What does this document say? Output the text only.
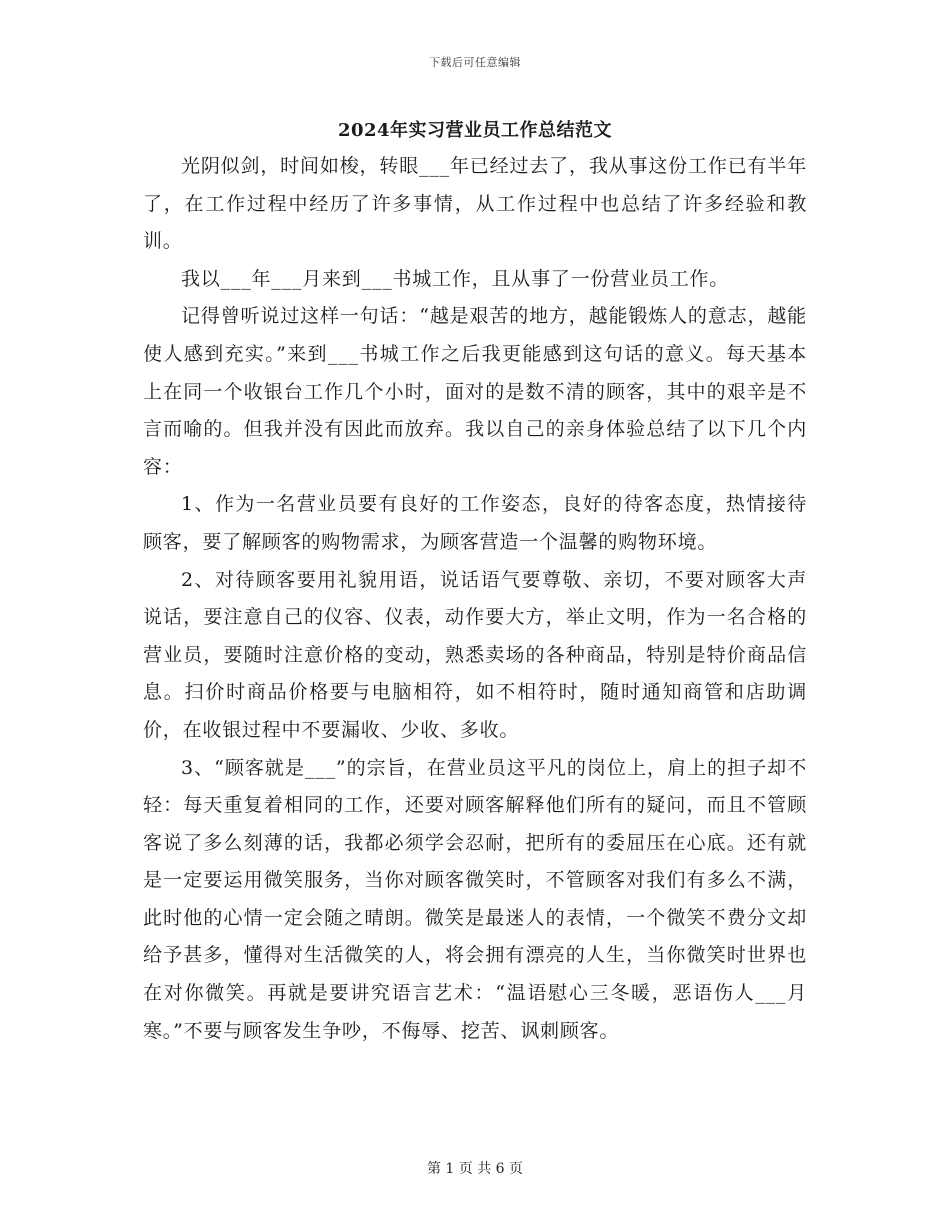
下载后可任意编辑
2024年实习营业员工作总结范文

光阴似剑，时间如梭，转眼___年已经过去了，我从事这份工作已有半年了，在工作过程中经历了许多事情，从工作过程中也总结了许多经验和教训。

我以___年___月来到___书城工作，且从事了一份营业员工作。

记得曾听说过这样一句话：“越是艰苦的地方，越能锻炼人的意志，越能使人感到充实。”来到___书城工作之后我更能感到这句话的意义。每天基本上在同一个收银台工作几个小时，面对的是数不清的顾客，其中的艰辛是不言而喻的。但我并没有因此而放弃。我以自己的亲身体验总结了以下几个内容：

1、作为一名营业员要有良好的工作姿态，良好的待客态度，热情接待顾客，要了解顾客的购物需求，为顾客营造一个温馨的购物环境。

2、对待顾客要用礼貌用语，说话语气要尊敬、亲切，不要对顾客大声说话，要注意自己的仪容、仪表，动作要大方，举止文明，作为一名合格的营业员，要随时注意价格的变动，熟悉卖场的各种商品，特别是特价商品信息。扫价时商品价格要与电脑相符，如不相符时，随时通知商管和店助调价，在收银过程中不要漏收、少收、多收。

3、“顾客就是___”的宗旨，在营业员这平凡的岗位上，肩上的担子却不轻：每天重复着相同的工作，还要对顾客解释他们所有的疑问，而且不管顾客说了多么刻薄的话，我都必须学会忍耐，把所有的委屈压在心底。还有就是一定要运用微笑服务，当你对顾客微笑时，不管顾客对我们有多么不满，此时他的心情一定会随之晴朗。微笑是最迷人的表情，一个微笑不费分文却给予甚多，懂得对生活微笑的人，将会拥有漂亮的人生，当你微笑时世界也在对你微笑。再就是要讲究语言艺术：“温语慰心三冬暖，恶语伤人___月寒。”不要与顾客发生争吵，不侮辱、挖苦、讽刺顾客。

第 1 页 共 6 页
